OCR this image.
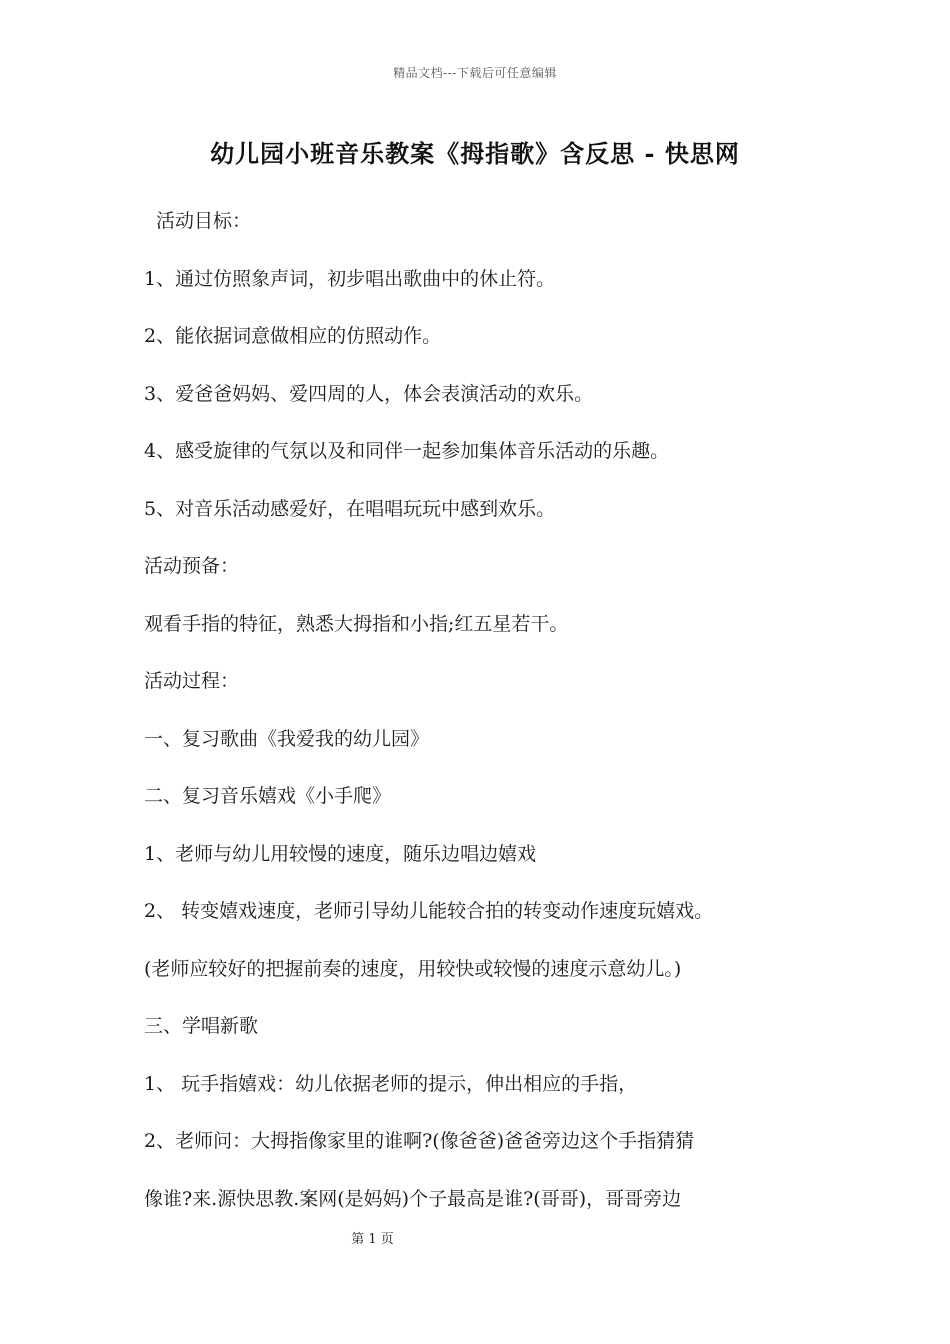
精品文档---下载后可任意编辑
幼儿园小班音乐教案《拇指歌》含反思 - 快思网
活动目标：
1、通过仿照象声词，初步唱出歌曲中的休止符。
2、能依据词意做相应的仿照动作。
3、爱爸爸妈妈、爱四周的人，体会表演活动的欢乐。
4、感受旋律的气氛以及和同伴一起参加集体音乐活动的乐趣。
5、对音乐活动感爱好，在唱唱玩玩中感到欢乐。
活动预备：
观看手指的特征，熟悉大拇指和小指;红五星若干。
活动过程：
一、复习歌曲《我爱我的幼儿园》
二、复习音乐嬉戏《小手爬》
1、老师与幼儿用较慢的速度，随乐边唱边嬉戏
2、 转变嬉戏速度，老师引导幼儿能较合拍的转变动作速度玩嬉戏。
(老师应较好的把握前奏的速度，用较快或较慢的速度示意幼儿。)
三、学唱新歌
1、 玩手指嬉戏：幼儿依据老师的提示，伸出相应的手指，
2、老师问：大拇指像家里的谁啊?(像爸爸)爸爸旁边这个手指猜猜
像谁?来.源快思教.案网(是妈妈)个子最高是谁?(哥哥)，哥哥旁边
第 1 页
